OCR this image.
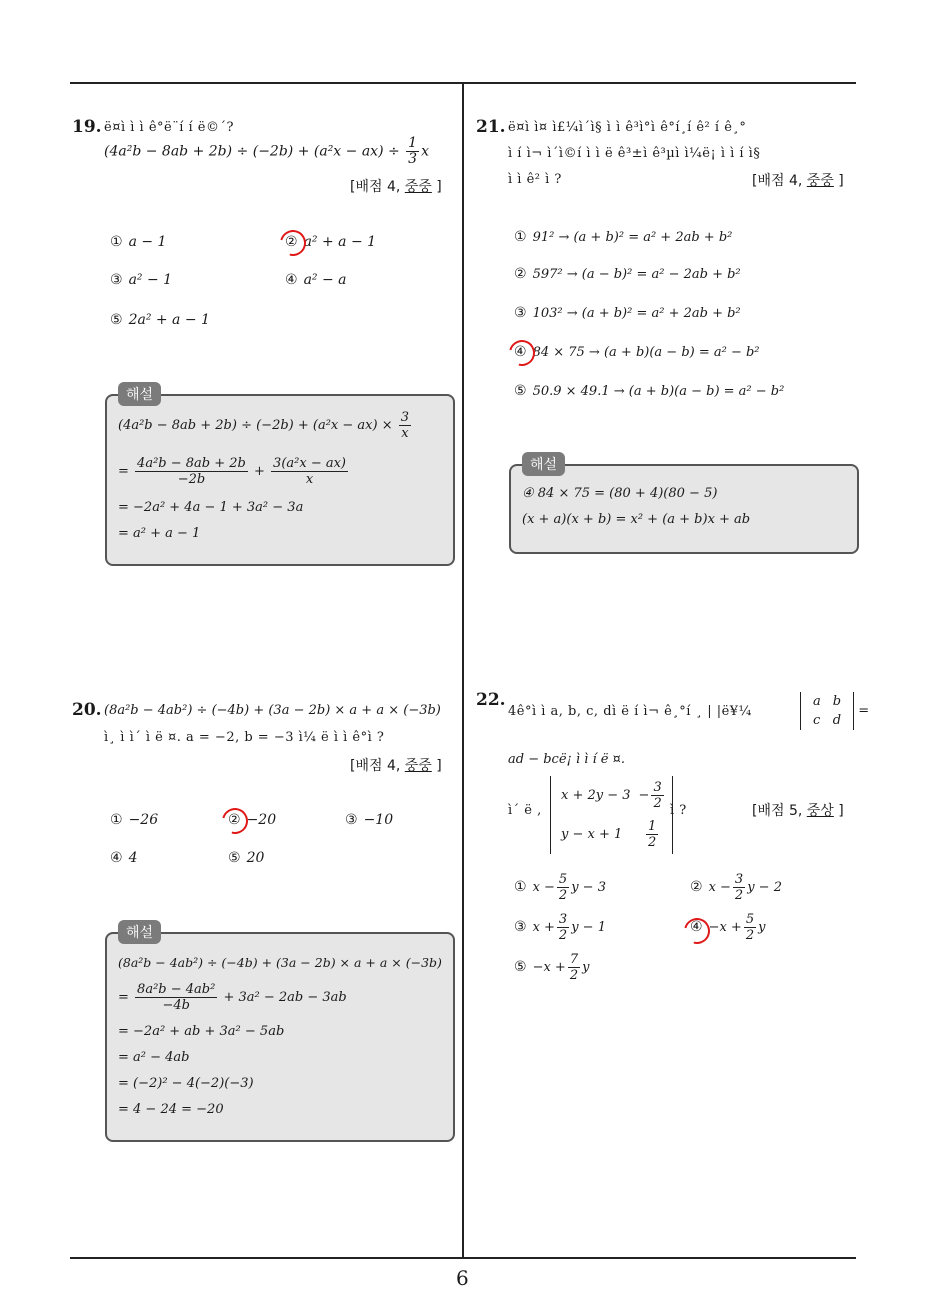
6
19. ë¤ì ì ì ê°ë¨í í ë©´?
$(4a^2b - 8ab + 2b) \div (-2b) + (a^2x - ax) \div \frac{1}{3}$ x
[배점 4, 중중 ]
① a − 1	② a² + a − 1
③ a² − 1	④ a² − a
⑤ 2a² + a − 1
해설
$(4a^2b - 8ab + 2b) \div (-2b) + (a^2x - ax) \times \frac{3}{x}$
= $\frac{\text{4a²b − 8ab + 2b}}{-2b} + \frac{\text{3(a²x − ax)}}{x}$
= −2a² + 4a − 1 + 3a² − 3a
= a² + a − 1
20. (8a²b − 4ab²) ÷ (−4b) + (3a − 2b) × a + a × (−3b)
ì¸ ì ì´ ì ë ¤. a = −2, b = −3 ì¼ ë ì ì ê°ì ?
[배점 4, 중중 ]
① −26	② −20	③ −10
④ 4	⑤ 20
해설
(8a²b − 4ab²) ÷ (−4b) + (3a − 2b) × a + a × (−3b)
= $\frac{\text{8a²b − 4ab²}}{-4b} + 3a^2 - 2ab - 3ab$
= −2a² + ab + 3a² − 5ab
= a² − 4ab
= (−2)² − 4(−2)(−3)
= 4 − 24 = −20
21. ë¤ì ì¤ ì£¼ì´ì§ ì ì ê³ì°ì ê°í¸í ê² í ê¸°
ì í ì¬ ì´ì©í ì ì ë ê³±ì ê³µì ì¼ë¡ ì ì í ì§
ì ì ê² ì ?	[배점 4, 중중 ]
① 91² → (a + b)² = a² + 2ab + b²
② 597² → (a − b)² = a² − 2ab + b²
③ 103² → (a + b)² = a² + 2ab + b²
④ 84 × 75 → (a + b)(a − b) = a² − b²
⑤ 50.9 × 49.1 → (a + b)(a − b) = a² − b²
해설
④ 84 × 75 = (80 + 4)(80 − 5)
(x + a)(x + b) = x² + (a + b)x + ab
22.
4ê°ì ì a, b, c, dì ë í ì¬ ê¸°í ¸ | |ë¥¼
a	b
c	d
=
ad − bcë¡ ì ì í ë ¤.
ì´ ë ,
x + 2y − 3	− $\frac{3}{2}$

y − x + 1	$\frac{1}{2}$
ì ?	[배점 5, 중상 ]
① $x - \frac{5}{2}$ y − 3	② $x - \frac{3}{2}$ y − 2
③ $x + \frac{3}{2}$ y − 1	④ $-x + \frac{5}{2}$ y
⑤ $-x + \frac{7}{2}$ y
